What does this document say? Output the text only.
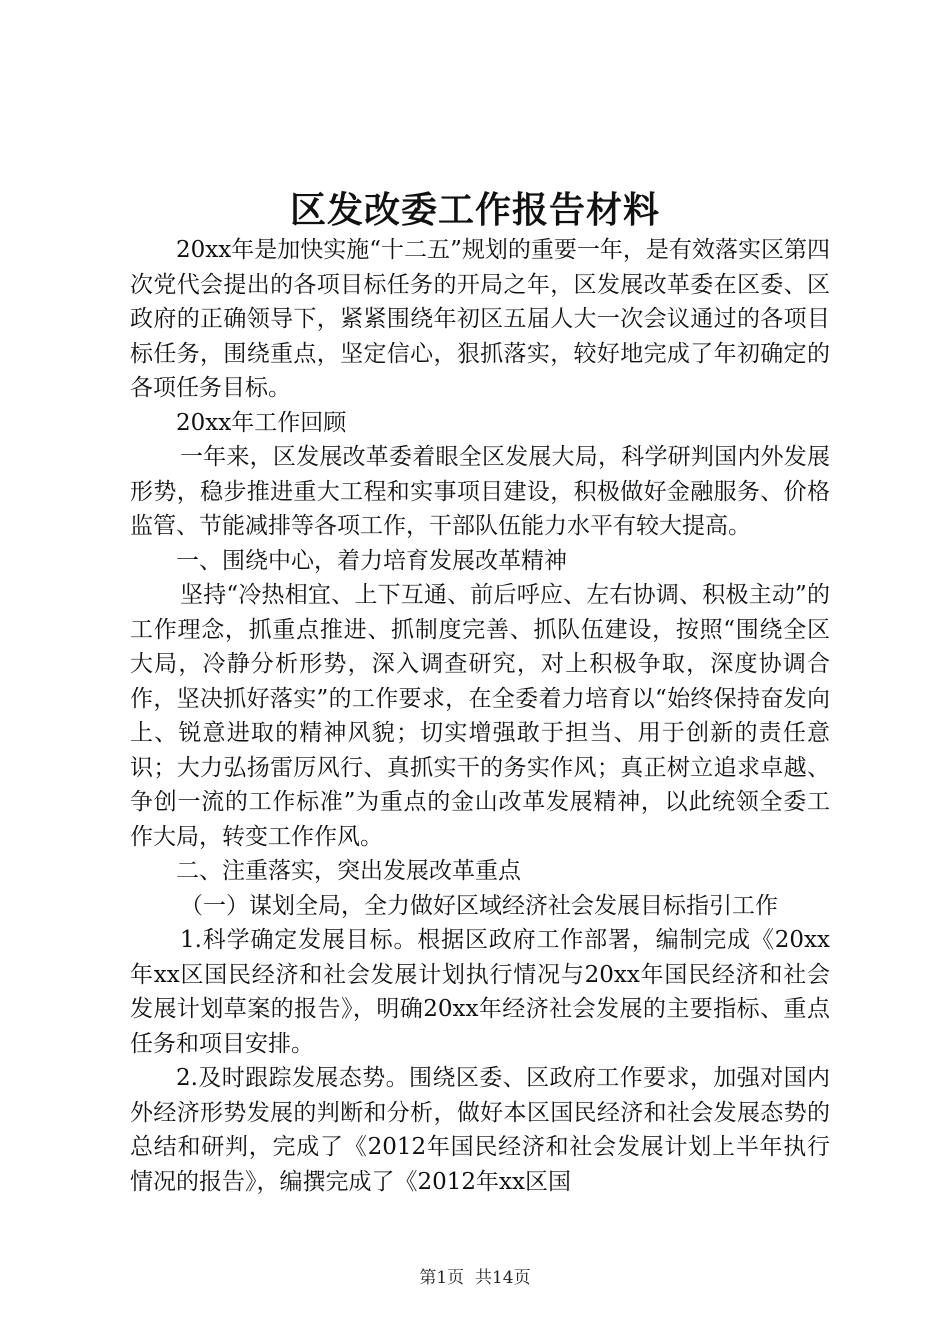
区发改委工作报告材料

20xx年是加快实施“十二五”规划的重要一年，是有效落实区第四次党代会提出的各项目标任务的开局之年，区发展改革委在区委、区政府的正确领导下，紧紧围绕年初区五届人大一次会议通过的各项目标任务，围绕重点，坚定信心，狠抓落实，较好地完成了年初确定的各项任务目标。

20xx年工作回顾

一年来，区发展改革委着眼全区发展大局，科学研判国内外发展形势，稳步推进重大工程和实事项目建设，积极做好金融服务、价格监管、节能减排等各项工作，干部队伍能力水平有较大提高。

一、围绕中心，着力培育发展改革精神

坚持“冷热相宜、上下互通、前后呼应、左右协调、积极主动”的工作理念，抓重点推进、抓制度完善、抓队伍建设，按照“围绕全区大局，冷静分析形势，深入调查研究，对上积极争取，深度协调合作，坚决抓好落实”的工作要求，在全委着力培育以“始终保持奋发向上、锐意进取的精神风貌；切实增强敢于担当、用于创新的责任意识；大力弘扬雷厉风行、真抓实干的务实作风；真正树立追求卓越、争创一流的工作标准”为重点的金山改革发展精神，以此统领全委工作大局，转变工作作风。

二、注重落实，突出发展改革重点

（一）谋划全局，全力做好区域经济社会发展目标指引工作

1.科学确定发展目标。根据区政府工作部署，编制完成《20xx年xx区国民经济和社会发展计划执行情况与20xx年国民经济和社会发展计划草案的报告》，明确20xx年经济社会发展的主要指标、重点任务和项目安排。

2.及时跟踪发展态势。围绕区委、区政府工作要求，加强对国内外经济形势发展的判断和分析，做好本区国民经济和社会发展态势的总结和研判，完成了《2012年国民经济和社会发展计划上半年执行情况的报告》，编撰完成了《2012年xx区国

第1页  共14页
